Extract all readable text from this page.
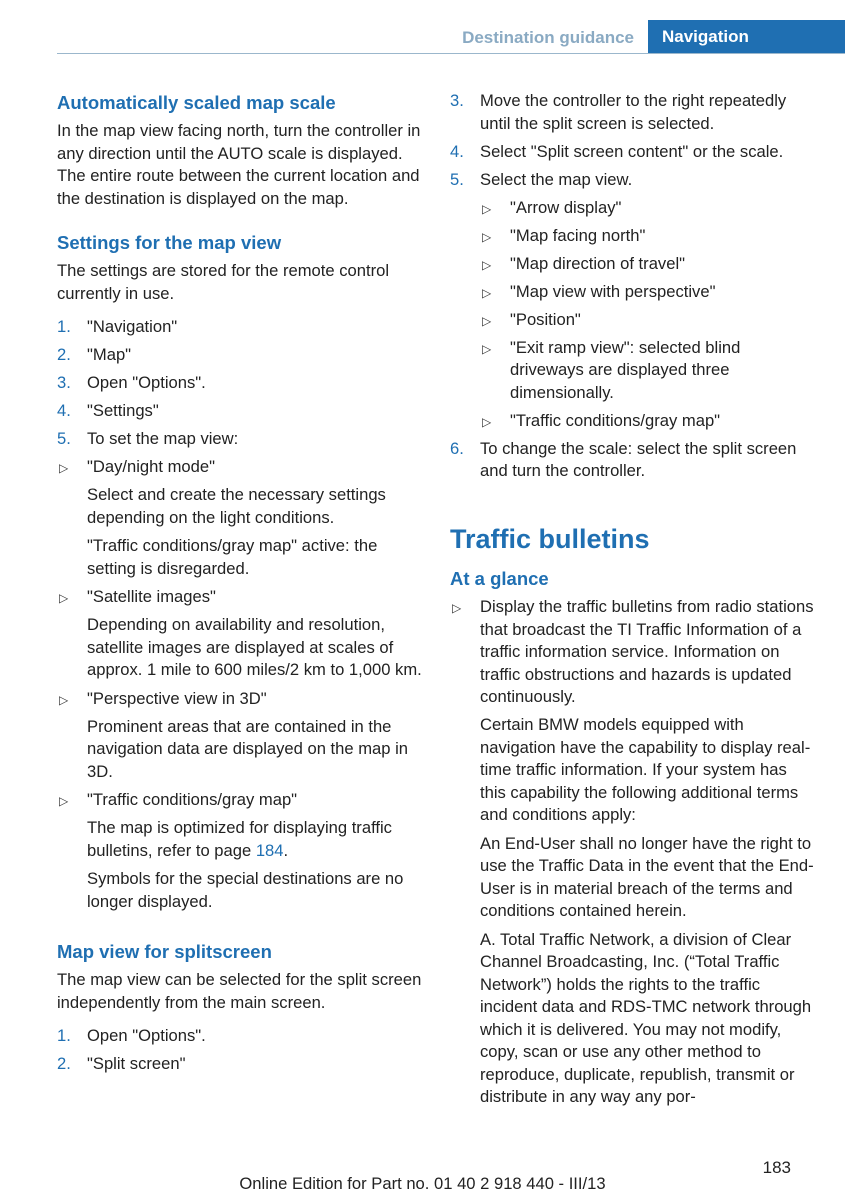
Destination guidance	Navigation
Automatically scaled map scale

In the map view facing north, turn the controller in any direction until the AUTO scale is displayed. The entire route between the current location and the destination is displayed on the map.

Settings for the map view

The settings are stored for the remote control currently in use.

1. "Navigation"
2. "Map"
3. Open "Options".
4. "Settings"
5. To set the map view:
▷ "Day/night mode"
Select and create the necessary settings depending on the light conditions.
"Traffic conditions/gray map" active: the setting is disregarded.
▷ "Satellite images"
Depending on availability and resolution, satellite images are displayed at scales of approx. 1 mile to 600 miles/2 km to 1,000 km.
▷ "Perspective view in 3D"
Prominent areas that are contained in the navigation data are displayed on the map in 3D.
▷ "Traffic conditions/gray map"
The map is optimized for displaying traffic bulletins, refer to page 184.
Symbols for the special destinations are no longer displayed.
Map view for splitscreen

The map view can be selected for the split screen independently from the main screen.

1. Open "Options".
2. "Split screen"
3. Move the controller to the right repeatedly until the split screen is selected.
4. Select "Split screen content" or the scale.
5. Select the map view.
▷ "Arrow display"
▷ "Map facing north"
▷ "Map direction of travel"
▷ "Map view with perspective"
▷ "Position"
▷ "Exit ramp view": selected blind driveways are displayed three dimensionally.
▷ "Traffic conditions/gray map"
6. To change the scale: select the split screen and turn the controller.
Traffic bulletins
At a glance
▷ Display the traffic bulletins from radio stations that broadcast the TI Traffic Information of a traffic information service. Information on traffic obstructions and hazards is updated continuously.
Certain BMW models equipped with navigation have the capability to display real-time traffic information. If your system has this capability the following additional terms and conditions apply:
An End-User shall no longer have the right to use the Traffic Data in the event that the End-User is in material breach of the terms and conditions contained herein.
A. Total Traffic Network, a division of Clear Channel Broadcasting, Inc. (“Total Traffic Network”) holds the rights to the traffic incident data and RDS-TMC network through which it is delivered. You may not modify, copy, scan or use any other method to reproduce, duplicate, republish, transmit or distribute in any way any por-
183
Online Edition for Part no. 01 40 2 918 440 - III/13
